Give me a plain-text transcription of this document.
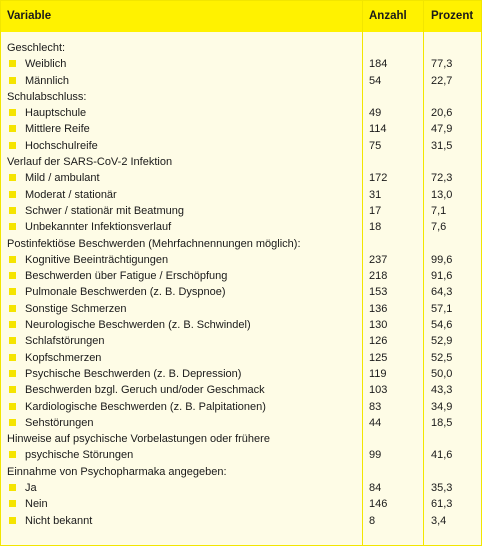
Variable	Anzahl Prozent
Geschlecht:
Weiblich	184	77,3
Männlich	54	22,7
Schulabschluss:
Hauptschule	49	20,6
Mittlere Reife	114	47,9
Hochschulreife	75	31,5
Verlauf der SARS-CoV-2 Infektion
Mild / ambulant	172	72,3
Moderat / stationär	31	13,0
Schwer / stationär mit Beatmung	17	7,1
Unbekannter Infektionsverlauf	18	7,6
Postinfektiöse Beschwerden (Mehrfachnennungen möglich):
Kognitive Beeinträchtigungen	237	99,6
Beschwerden über Fatigue / Erschöpfung	218	91,6
Pulmonale Beschwerden (z. B. Dyspnoe)	153	64,3
Sonstige Schmerzen	136	57,1
Neurologische Beschwerden (z. B. Schwindel)	130	54,6
Schlafstörungen	126	52,9
Kopfschmerzen	125	52,5
Psychische Beschwerden (z. B. Depression)	119	50,0
Beschwerden bzgl. Geruch und/oder Geschmack	103	43,3
Kardiologische Beschwerden (z. B. Palpitationen)	83	34,9
Sehstörungen	44	18,5
Hinweise auf psychische Vorbelastungen oder frühere
psychische Störungen	99	41,6
Einnahme von Psychopharmaka angegeben:
Ja	84	35,3
Nein	146	61,3
Nicht bekannt	8	3,4
